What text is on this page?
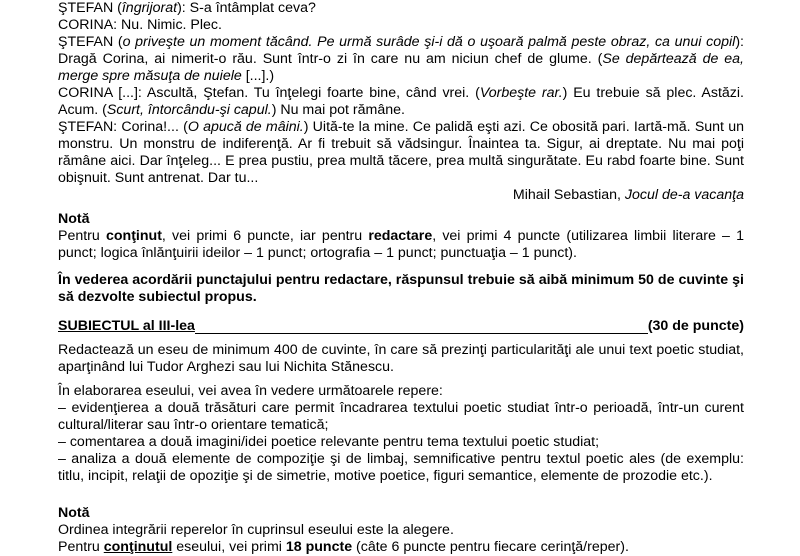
ŞTEFAN (îngrijorat): S-a întâmplat ceva?

CORINA: Nu. Nimic. Plec.

ŞTEFAN (o priveşte un moment tăcând. Pe urmă surâde şi-i dă o uşoară palmă peste obraz, ca unui copil): Dragă Corina, ai nimerit-o rău. Sunt într-o zi în care nu am niciun chef de glume. (Se depărtează de ea, merge spre măsuţa de nuiele [...].)

CORINA [...]: Ascultă, Ştefan. Tu înţelegi foarte bine, când vrei. (Vorbeşte rar.) Eu trebuie să plec. Astăzi. Acum. (Scurt, întorcându-şi capul.) Nu mai pot rămâne.

ŞTEFAN: Corina!... (O apucă de mâini.) Uită-te la mine. Ce palidă eşti azi. Ce obosită pari. Iartă-mă. Sunt un monstru. Un monstru de indiferenţă. Ar fi trebuit să vădsingur. Înaintea ta. Sigur, ai dreptate. Nu mai poţi rămâne aici. Dar înţeleg... E prea pustiu, prea multă tăcere, prea multă singurătate. Eu rabd foarte bine. Sunt obişnuit. Sunt antrenat. Dar tu...

Mihail Sebastian, Jocul de-a vacanţa

Notă

Pentru conţinut, vei primi 6 puncte, iar pentru redactare, vei primi 4 puncte (utilizarea limbii literare – 1 punct; logica înlănţuirii ideilor – 1 punct; ortografia – 1 punct; punctuaţia – 1 punct).

În vederea acordării punctajului pentru redactare, răspunsul trebuie să aibă minimum 50 de cuvinte şi să dezvolte subiectul propus.

SUBIECTUL al III-lea	(30 de puncte)

Redactează un eseu de minimum 400 de cuvinte, în care să prezinţi particularităţi ale unui text poetic studiat, aparţinând lui Tudor Arghezi sau lui Nichita Stănescu.

În elaborarea eseului, vei avea în vedere următoarele repere:

– evidenţierea a două trăsături care permit încadrarea textului poetic studiat într-o perioadă, într-un curent cultural/literar sau într-o orientare tematică;

– comentarea a două imagini/idei poetice relevante pentru tema textului poetic studiat;

– analiza a două elemente de compoziţie şi de limbaj, semnificative pentru textul poetic ales (de exemplu: titlu, incipit, relaţii de opoziţie şi de simetrie, motive poetice, figuri semantice, elemente de prozodie etc.).

Notă

Ordinea integrării reperelor în cuprinsul eseului este la alegere.

Pentru conţinutul eseului, vei primi 18 puncte (câte 6 puncte pentru fiecare cerinţă/reper).
